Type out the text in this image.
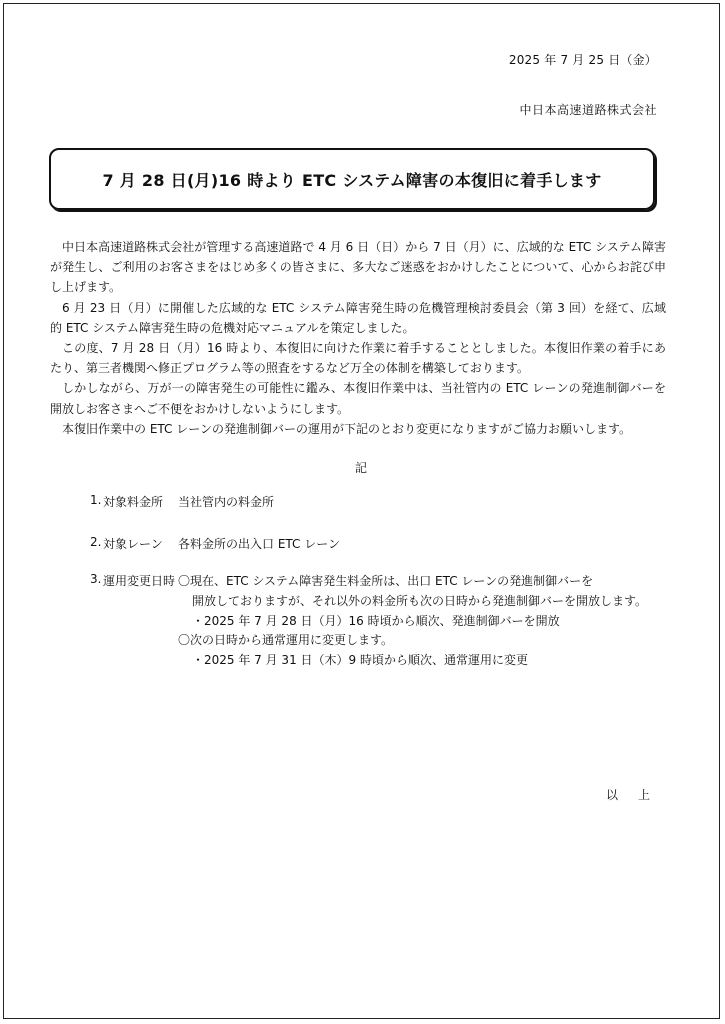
2025 年 7 月 25 日（金）
中日本高速道路株式会社
7 月 28 日(月)16 時より ETC システム障害の本復旧に着手します

中日本高速道路株式会社が管理する高速道路で 4 月 6 日（日）から 7 日（月）に、広域的な ETC システム障害が発生し、ご利用のお客さまをはじめ多くの皆さまに、多大なご迷惑をおかけしたことについて、心からお詫び申し上げます。

6 月 23 日（月）に開催した広域的な ETC システム障害発生時の危機管理検討委員会（第 3 回）を経て、広域的 ETC システム障害発生時の危機対応マニュアルを策定しました。

この度、7 月 28 日（月）16 時より、本復旧に向けた作業に着手することとしました。本復旧作業の着手にあたり、第三者機関へ修正プログラム等の照査をするなど万全の体制を構築しております。

しかしながら、万が一の障害発生の可能性に鑑み、本復旧作業中は、当社管内の ETC レーンの発進制御バーを開放しお客さまへご不便をおかけしないようにします。

本復旧作業中の ETC レーンの発進制御バーの運用が下記のとおり変更になりますがご協力お願いします。

記
1. 対象料金所 当社管内の料金所
2. 対象レーン 各料金所の出入口 ETC レーン
3. 運用変更日時 〇現在、ETC システム障害発生料金所は、出口 ETC レーンの発進制御バーを
開放しておりますが、それ以外の料金所も次の日時から発進制御バーを開放します。
・2025 年 7 月 28 日（月）16 時頃から順次、発進制御バーを開放
〇次の日時から通常運用に変更します。
・2025 年 7 月 31 日（木）9 時頃から順次、通常運用に変更
以上
